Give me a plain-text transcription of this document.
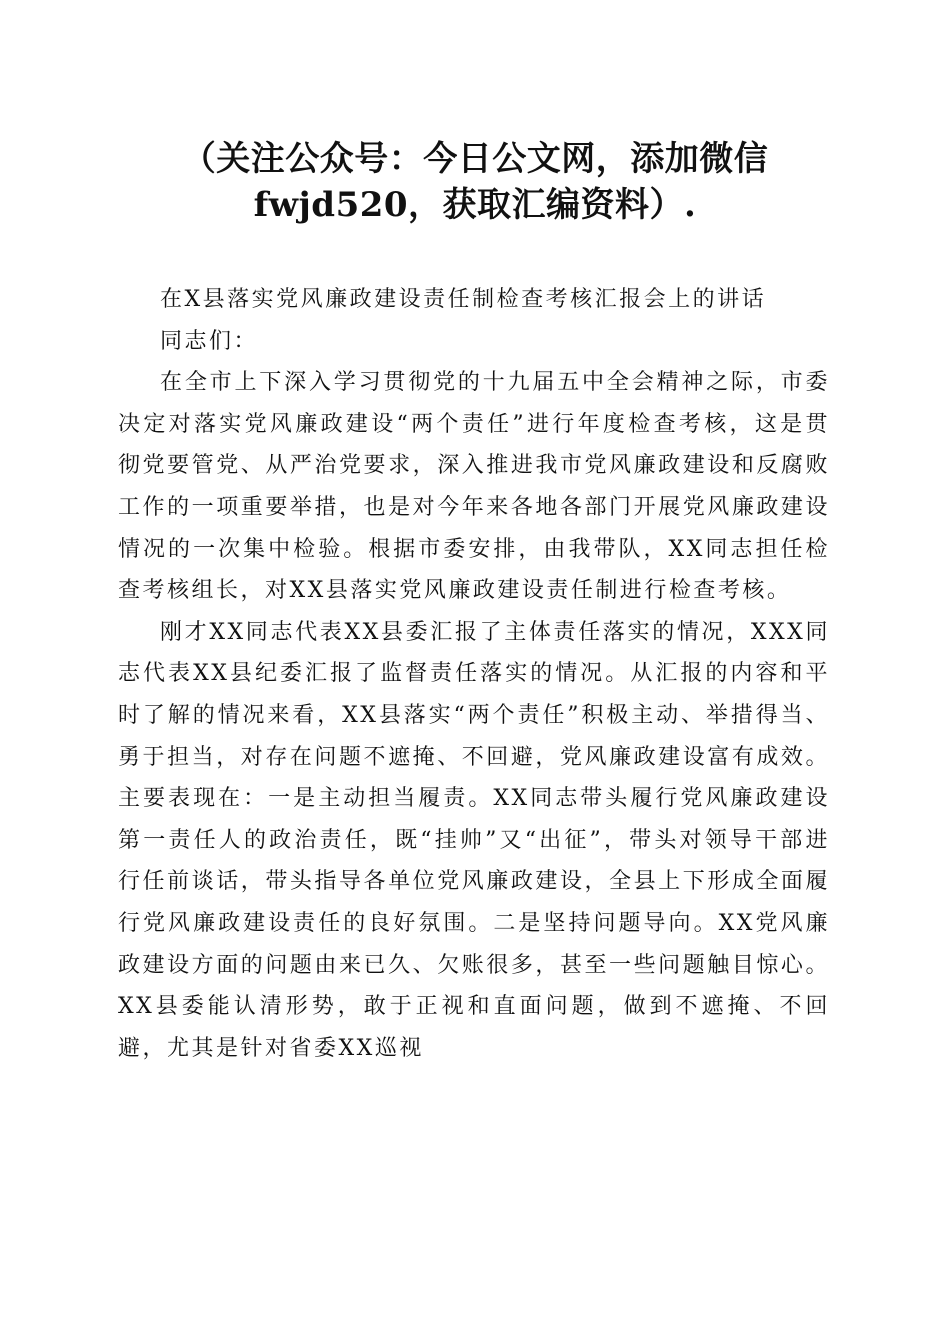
（关注公众号：今日公文网，添加微信
fwjd520，获取汇编资料）.

在X县落实党风廉政建设责任制检查考核汇报会上的讲话

同志们：

在全市上下深入学习贯彻党的十九届五中全会精神之际，市委决定对落实党风廉政建设“两个责任”进行年度检查考核，这是贯彻党要管党、从严治党要求，深入推进我市党风廉政建设和反腐败工作的一项重要举措，也是对今年来各地各部门开展党风廉政建设情况的一次集中检验。根据市委安排，由我带队，XX同志担任检查考核组长，对XX县落实党风廉政建设责任制进行检查考核。

刚才XX同志代表XX县委汇报了主体责任落实的情况，XXX同志代表XX县纪委汇报了监督责任落实的情况。从汇报的内容和平时了解的情况来看，XX县落实“两个责任”积极主动、举措得当、勇于担当，对存在问题不遮掩、不回避，党风廉政建设富有成效。主要表现在：一是主动担当履责。XX同志带头履行党风廉政建设第一责任人的政治责任，既“挂帅”又“出征”，带头对领导干部进行任前谈话，带头指导各单位党风廉政建设，全县上下形成全面履行党风廉政建设责任的良好氛围。二是坚持问题导向。XX党风廉政建设方面的问题由来已久、欠账很多，甚至一些问题触目惊心。XX县委能认清形势，敢于正视和直面问题，做到不遮掩、不回避，尤其是针对省委XX巡视
